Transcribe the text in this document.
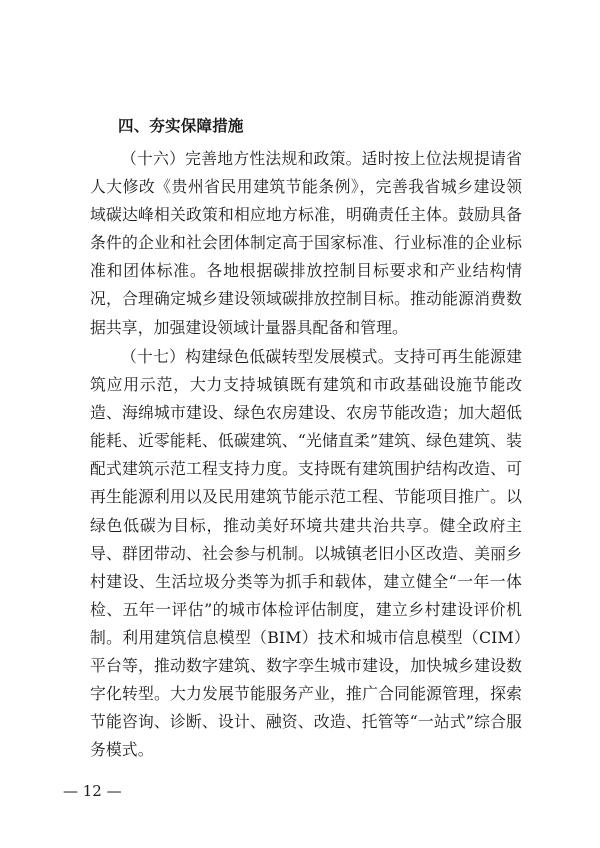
四、夯实保障措施

（十六）完善地方性法规和政策。适时按上位法规提请省人大修改《贵州省民用建筑节能条例》，完善我省城乡建设领域碳达峰相关政策和相应地方标准，明确责任主体。鼓励具备条件的企业和社会团体制定高于国家标准、行业标准的企业标准和团体标准。各地根据碳排放控制目标要求和产业结构情况，合理确定城乡建设领域碳排放控制目标。推动能源消费数据共享，加强建设领域计量器具配备和管理。

（十七）构建绿色低碳转型发展模式。支持可再生能源建筑应用示范，大力支持城镇既有建筑和市政基础设施节能改造、海绵城市建设、绿色农房建设、农房节能改造；加大超低能耗、近零能耗、低碳建筑、“光储直柔”建筑、绿色建筑、装配式建筑示范工程支持力度。支持既有建筑围护结构改造、可再生能源利用以及民用建筑节能示范工程、节能项目推广。以绿色低碳为目标，推动美好环境共建共治共享。健全政府主导、群团带动、社会参与机制。以城镇老旧小区改造、美丽乡村建设、生活垃圾分类等为抓手和载体，建立健全“一年一体检、五年一评估”的城市体检评估制度，建立乡村建设评价机制。利用建筑信息模型（BIM）技术和城市信息模型（CIM）平台等，推动数字建筑、数字孪生城市建设，加快城乡建设数字化转型。大力发展节能服务产业，推广合同能源管理，探索节能咨询、诊断、设计、融资、改造、托管等“一站式”综合服务模式。

— 12 —
